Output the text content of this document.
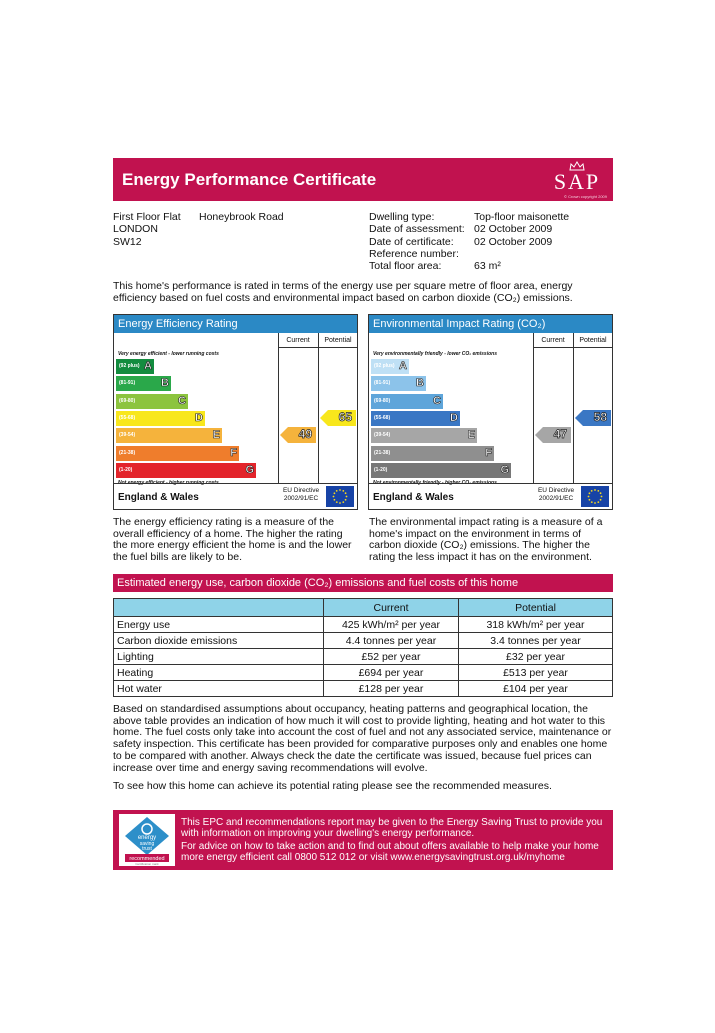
Energy Performance Certificate	SAP
© Crown copyright 2009
First Floor Flat Honeybrook Road
LONDON
SW12
Dwelling type:	Top-floor maisonette
Date of assessment: 02 October 2009
Date of certificate:	02 October 2009
Reference number:
Total floor area:	63 m²
This home's performance is rated in terms of the energy use per square metre of floor area, energy efficiency based on fuel costs and environmental impact based on carbon dioxide (CO₂) emissions.
Energy Efficiency Rating
Current	Potential
Very energy efficient - lower running costs
(92 plus) A
(81-91) B
(69-80)	C
(55-68)	D
(39-54)	E
(21-38)	F
(1-20)	G
Not energy efficient - higher running costs
England & Wales
EU Directive 2002/91/EC
49
65
Environmental Impact Rating (CO₂)
Current	Potential
Very environmentally friendly - lower CO₂ emissions
(92 plus) A
(81-91) B
(69-80)	C
(55-68)	D
(39-54)	E
(21-38)	F
(1-20)	G
Not environmentally friendly - higher CO₂ emissions
England & Wales
EU Directive 2002/91/EC
47
58
The energy efficiency rating is a measure of the overall efficiency of a home. The higher the rating the more energy efficient the home is and the lower the fuel bills are likely to be.
The environmental impact rating is a measure of a home's impact on the environment in terms of carbon dioxide (CO₂) emissions. The higher the rating the less impact it has on the environment.
Estimated energy use, carbon dioxide (CO₂) emissions and fuel costs of this home
	Current	Potential
Energy use	425 kWh/m² per year	318 kWh/m² per year
Carbon dioxide emissions	4.4 tonnes per year	3.4 tonnes per year
Lighting	£52 per year	£32 per year
Heating	£694 per year	£513 per year
Hot water	£128 per year	£104 per year
Based on standardised assumptions about occupancy, heating patterns and geographical location, the above table provides an indication of how much it will cost to provide lighting, heating and hot water to this home. The fuel costs only take into account the cost of fuel and not any associated service, maintenance or safety inspection. This certificate has been provided for comparative purposes only and enables one home to be compared with another. Always check the date the certificate was issued, because fuel prices can increase over time and energy saving recommendations will evolve.
To see how this home can achieve its potential rating please see the recommended measures.
energy
saving
trust
recommended
Certification mark
This EPC and recommendations report may be given to the Energy Saving Trust to provide you with information on improving your dwelling's energy performance.
For advice on how to take action and to find out about offers available to help make your home more energy efficient call 0800 512 012 or visit www.energysavingtrust.org.uk/myhome
